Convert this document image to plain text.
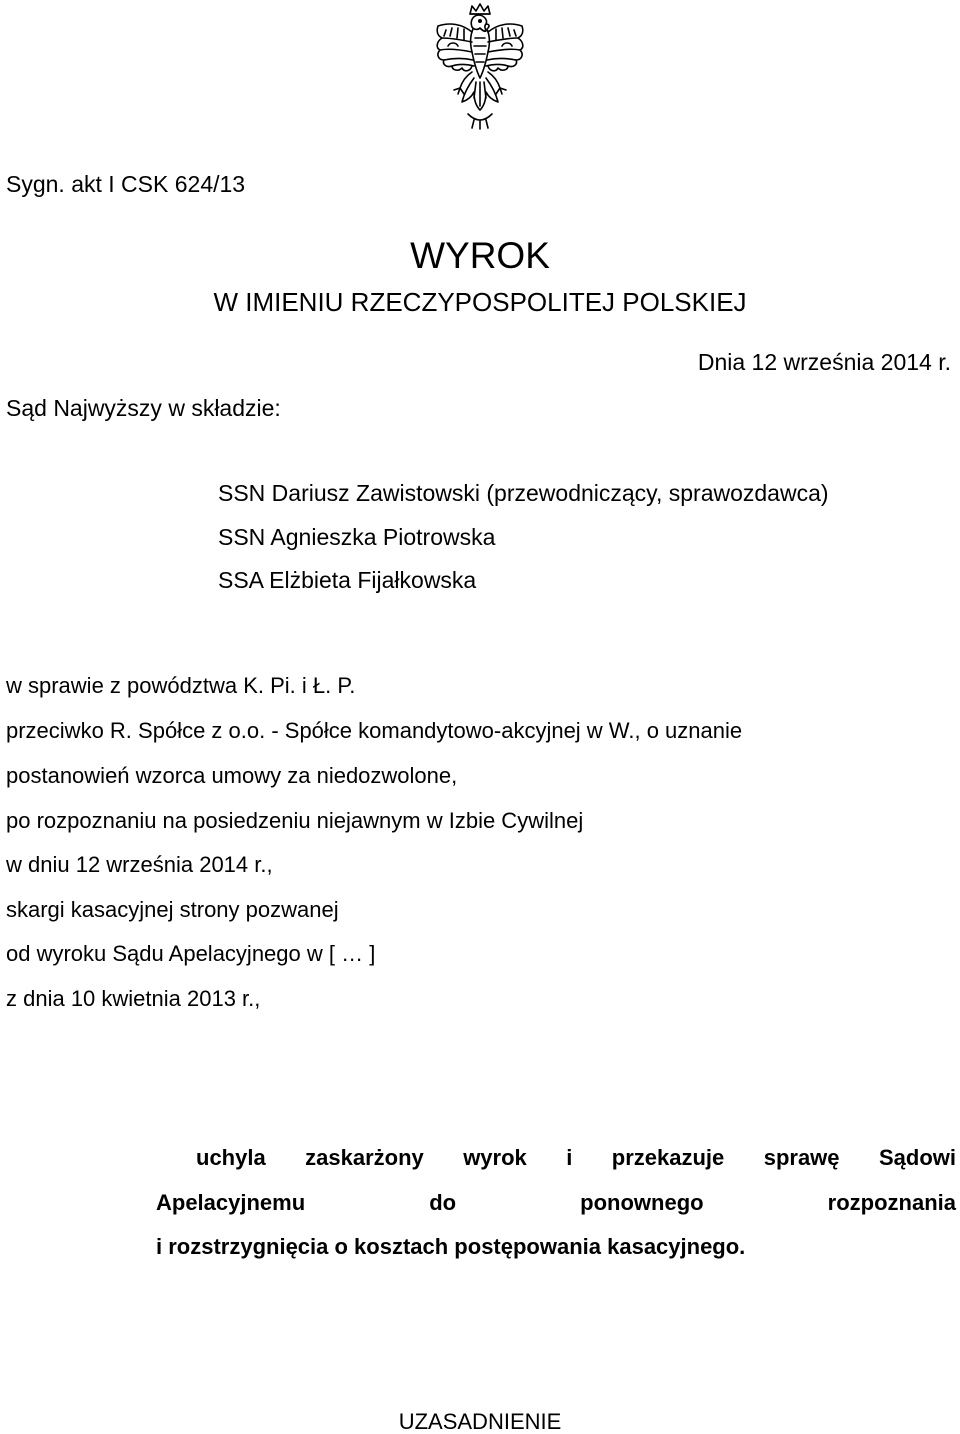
Sygn. akt I CSK 624/13
WYROK
W IMIENIU RZECZYPOSPOLITEJ POLSKIEJ
Dnia 12 września 2014 r.
Sąd Najwyższy w składzie:
SSN Dariusz Zawistowski (przewodniczący, sprawozdawca)
SSN Agnieszka Piotrowska
SSA Elżbieta Fijałkowska
w sprawie z powództwa K. Pi. i Ł. P.
przeciwko R. Spółce z o.o. - Spółce komandytowo-akcyjnej w W., o uznanie
postanowień wzorca umowy za niedozwolone,
po rozpoznaniu na posiedzeniu niejawnym w Izbie Cywilnej
w dniu 12 września 2014 r.,
skargi kasacyjnej strony pozwanej
od wyroku Sądu Apelacyjnego w [ … ]
z dnia 10 kwietnia 2013 r.,
uchyla zaskarżony wyrok i przekazuje sprawę Sądowi
Apelacyjnemu do ponownego rozpoznania
i rozstrzygnięcia o kosztach postępowania kasacyjnego.
UZASADNIENIE
